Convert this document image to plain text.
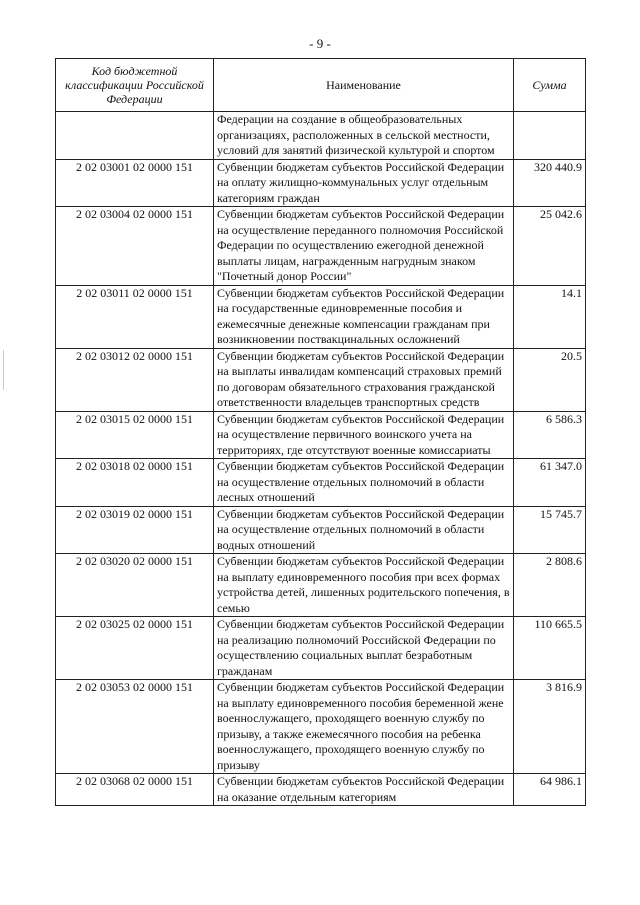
- 9 -
Код бюджетной классификации Российской Федерации	Наименование	Сумма
	Федерации на создание в общеобразовательных организациях, расположенных в сельской местности, условий для занятий физической культурой и спортом	
2 02 03001 02 0000 151	Субвенции бюджетам субъектов Российской Федерации на оплату жилищно-коммунальных услуг отдельным категориям граждан	320 440.9
2 02 03004 02 0000 151	Субвенции бюджетам субъектов Российской Федерации на осуществление переданного полномочия Российской Федерации по осуществлению ежегодной денежной выплаты лицам, награжденным нагрудным знаком "Почетный донор России"	25 042.6
2 02 03011 02 0000 151	Субвенции бюджетам субъектов Российской Федерации на государственные единовременные пособия и ежемесячные денежные компенсации гражданам при возникновении поствакцинальных осложнений	14.1
2 02 03012 02 0000 151	Субвенции бюджетам субъектов Российской Федерации на выплаты инвалидам компенсаций страховых премий по договорам обязательного страхования гражданской ответственности владельцев транспортных средств	20.5
2 02 03015 02 0000 151	Субвенции бюджетам субъектов Российской Федерации на осуществление первичного воинского учета на территориях, где отсутствуют военные комиссариаты	6 586.3
2 02 03018 02 0000 151	Субвенции бюджетам субъектов Российской Федерации на осуществление отдельных полномочий в области лесных отношений	61 347.0
2 02 03019 02 0000 151	Субвенции бюджетам субъектов Российской Федерации на осуществление отдельных полномочий в области водных отношений	15 745.7
2 02 03020 02 0000 151	Субвенции бюджетам субъектов Российской Федерации на выплату единовременного пособия при всех формах устройства детей, лишенных родительского попечения, в семью	2 808.6
2 02 03025 02 0000 151	Субвенции бюджетам субъектов Российской Федерации на реализацию полномочий Российской Федерации по осуществлению социальных выплат безработным гражданам	110 665.5
2 02 03053 02 0000 151	Субвенции бюджетам субъектов Российской Федерации на выплату единовременного пособия беременной жене военнослужащего, проходящего военную службу по призыву, а также ежемесячного пособия на ребенка военнослужащего, проходящего военную службу по призыву	3 816.9
2 02 03068 02 0000 151	Субвенции бюджетам субъектов Российской Федерации на оказание отдельным категориям	64 986.1
